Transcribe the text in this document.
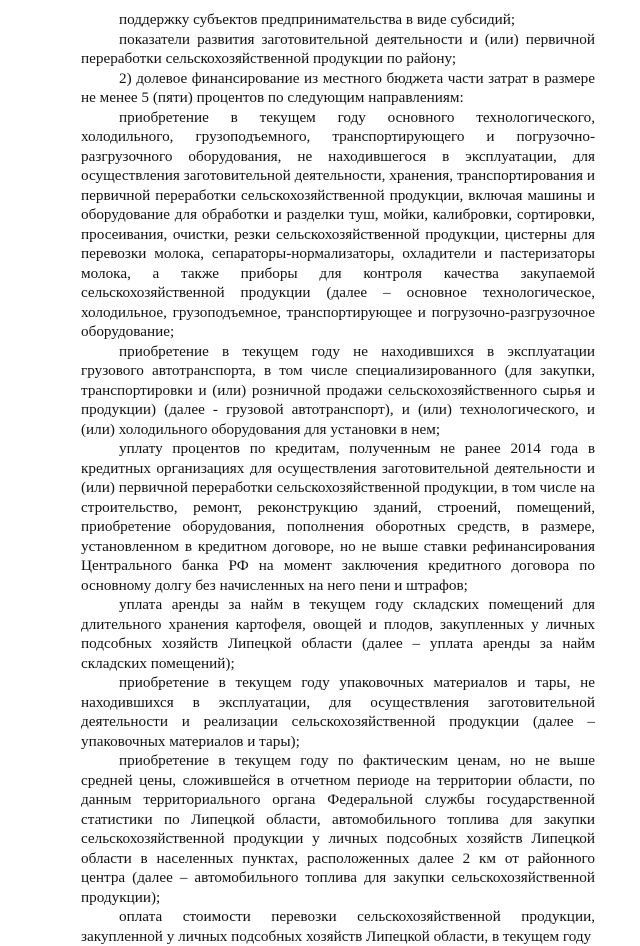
поддержку субъектов предпринимательства в виде субсидий;

показатели развития заготовительной деятельности и (или) первичной переработки сельскохозяйственной продукции по району;

2) долевое финансирование из местного бюджета части затрат в размере не менее 5 (пяти) процентов по следующим направлениям:

приобретение в текущем году основного технологического, холодильного, грузоподъемного, транспортирующего и погрузочно-разгрузочного оборудования, не находившегося в эксплуатации, для осуществления заготовительной деятельности, хранения, транспортирования и первичной переработки сельскохозяйственной продукции, включая машины и оборудование для обработки и разделки туш, мойки, калибровки, сортировки, просеивания, очистки, резки сельскохозяйственной продукции, цистерны для перевозки молока, сепараторы-нормализаторы, охладители и пастеризаторы молока, а также приборы для контроля качества закупаемой сельскохозяйственной продукции (далее – основное технологическое, холодильное, грузоподъемное, транспортирующее и погрузочно-разгрузочное оборудование;

приобретение в текущем году не находившихся в эксплуатации грузового автотранспорта, в том числе специализированного (для закупки, транспортировки и (или) розничной продажи сельскохозяйственного сырья и продукции) (далее - грузовой автотранспорт), и (или) технологического, и (или) холодильного оборудования для установки в нем;

уплату процентов по кредитам, полученным не ранее 2014 года в кредитных организациях для осуществления заготовительной деятельности и (или) первичной переработки сельскохозяйственной продукции, в том числе на строительство, ремонт, реконструкцию зданий, строений, помещений, приобретение оборудования, пополнения оборотных средств, в размере, установленном в кредитном договоре, но не выше ставки рефинансирования Центрального банка РФ на момент заключения кредитного договора по основному долгу без начисленных на него пени и штрафов;

уплата аренды за найм в текущем году складских помещений для длительного хранения картофеля, овощей и плодов, закупленных у личных подсобных хозяйств Липецкой области (далее – уплата аренды за найм складских помещений);

приобретение в текущем году упаковочных материалов и тары, не находившихся в эксплуатации, для осуществления заготовительной деятельности и реализации сельскохозяйственной продукции (далее – упаковочных материалов и тары);

приобретение в текущем году по фактическим ценам, но не выше средней цены, сложившейся в отчетном периоде на территории области, по данным территориального органа Федеральной службы государственной статистики по Липецкой области, автомобильного топлива для закупки сельскохозяйственной продукции у личных подсобных хозяйств Липецкой области в населенных пунктах, расположенных далее 2 км от районного центра (далее – автомобильного топлива для закупки сельскохозяйственной продукции);

оплата стоимости перевозки сельскохозяйственной продукции, закупленной у личных подсобных хозяйств Липецкой области, в текущем году
